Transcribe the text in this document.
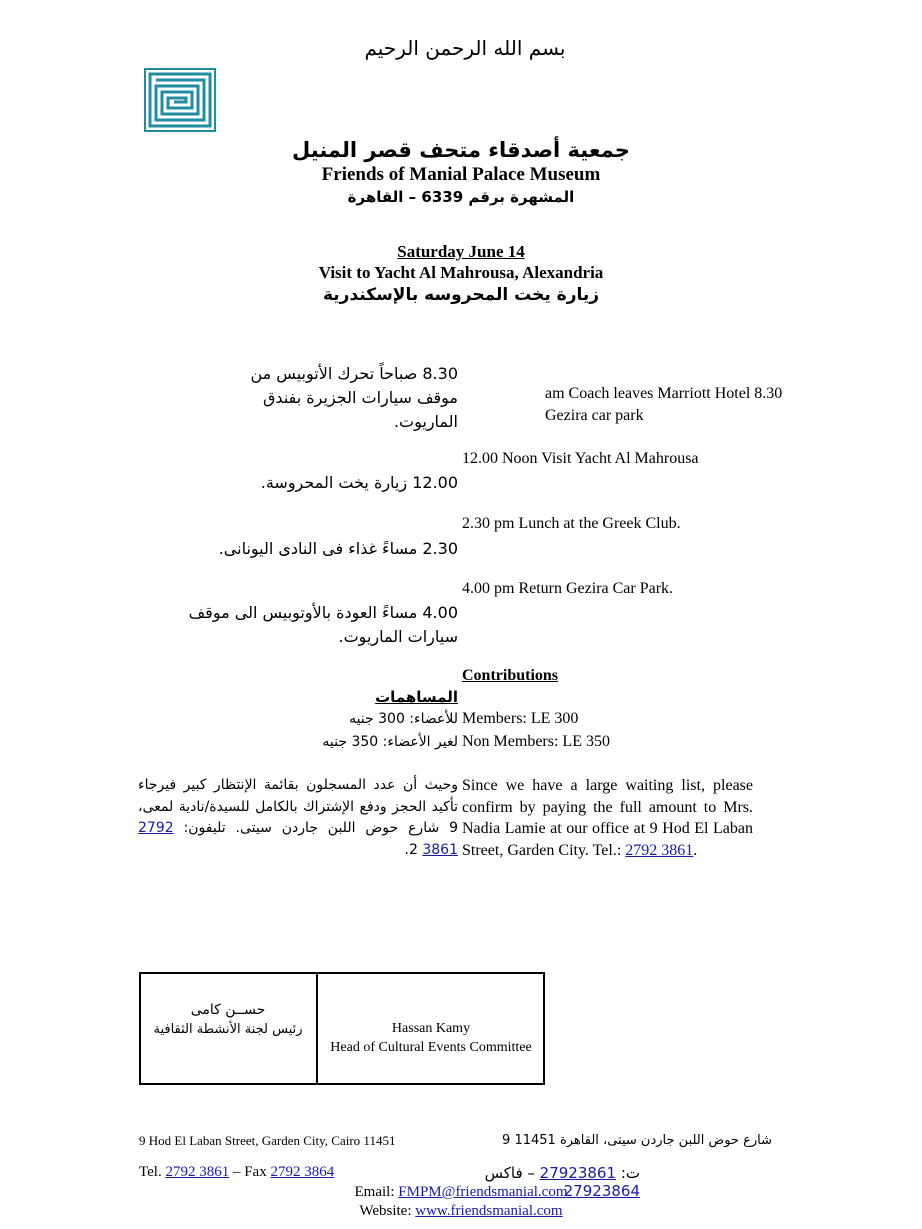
بسم الله الرحمن الرحيم
جمعية أصدقاء متحف قصر المنيل
Friends of Manial Palace Museum
المشهرة برقم 6339 – القاهرة
Saturday June 14
Visit to Yacht Al Mahrousa, Alexandria
زيارة يخت المحروسه بالإسكندرية
8.30 صباحاً تحرك الأتوبيس من موقف سيارات الجزيرة بفندق الماريوت.
am Coach leaves Marriott Hotel 8.30
Gezira car park
12.00 Noon Visit Yacht Al Mahrousa
12.00 زيارة يخت المحروسة.
2.30 pm Lunch at the Greek Club.
2.30 مساءً غذاء فى النادى اليونانى.
4.00 pm Return Gezira Car Park.
4.00 مساءً العودة بالأوتوبيس الى موقف سيارات الماريوت.
Contributions
المساهمات
Members: LE 300
للأعضاء: 300 جنيه
Non Members: LE 350
لغير الأعضاء: 350 جنيه
Since we have a large waiting list, please confirm by paying the full amount to Mrs. Nadia Lamie at our office at 9 Hod El Laban Street, Garden City. Tel.: 2792 3861.
وحيث أن عدد المسجلون بقائمة الإنتظار كبير فيرجاء تأكيد الحجز ودفع الإشتراك بالكامل للسيدة/نادية لمعى، 9 شارع حوض اللبن جاردن سيتى. تليفون: 2792 3861 2.
حســن كامى
رئيس لجنة الأنشطة الثقافية	Hassan Kamy
Head of Cultural Events Committee
9 Hod El Laban Street, Garden City, Cairo 11451	شارع حوض اللبن جاردن سيتى، القاهرة 11451 9
Tel. 2792 3861 – Fax 2792 3864	ت: 27923861 – فاكس 27923864
Email: FMPM@friendsmanial.com
Website: www.friendsmanial.com
